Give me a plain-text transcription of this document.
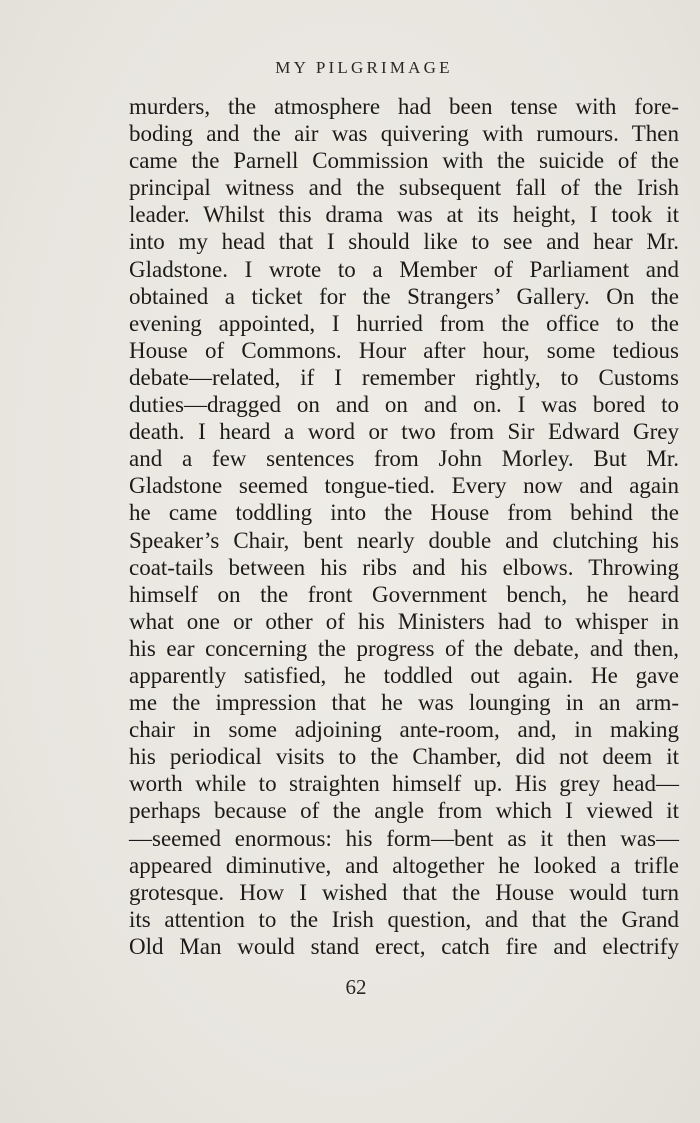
MY PILGRIMAGE
murders, the atmosphere had been tense with fore-
boding and the air was quivering with rumours. Then
came the Parnell Commission with the suicide of the
principal witness and the subsequent fall of the Irish
leader. Whilst this drama was at its height, I took it
into my head that I should like to see and hear Mr.
Gladstone. I wrote to a Member of Parliament and
obtained a ticket for the Strangers’ Gallery. On the
evening appointed, I hurried from the office to the
House of Commons. Hour after hour, some tedious
debate—related, if I remember rightly, to Customs
duties—dragged on and on and on. I was bored to
death. I heard a word or two from Sir Edward Grey
and a few sentences from John Morley. But Mr.
Gladstone seemed tongue-tied. Every now and again
he came toddling into the House from behind the
Speaker’s Chair, bent nearly double and clutching his
coat-tails between his ribs and his elbows. Throwing
himself on the front Government bench, he heard
what one or other of his Ministers had to whisper in
his ear concerning the progress of the debate, and then,
apparently satisfied, he toddled out again. He gave
me the impression that he was lounging in an arm-
chair in some adjoining ante-room, and, in making
his periodical visits to the Chamber, did not deem it
worth while to straighten himself up. His grey head—
perhaps because of the angle from which I viewed it
—seemed enormous: his form—bent as it then was—
appeared diminutive, and altogether he looked a trifle
grotesque. How I wished that the House would turn
its attention to the Irish question, and that the Grand
Old Man would stand erect, catch fire and electrify
62
